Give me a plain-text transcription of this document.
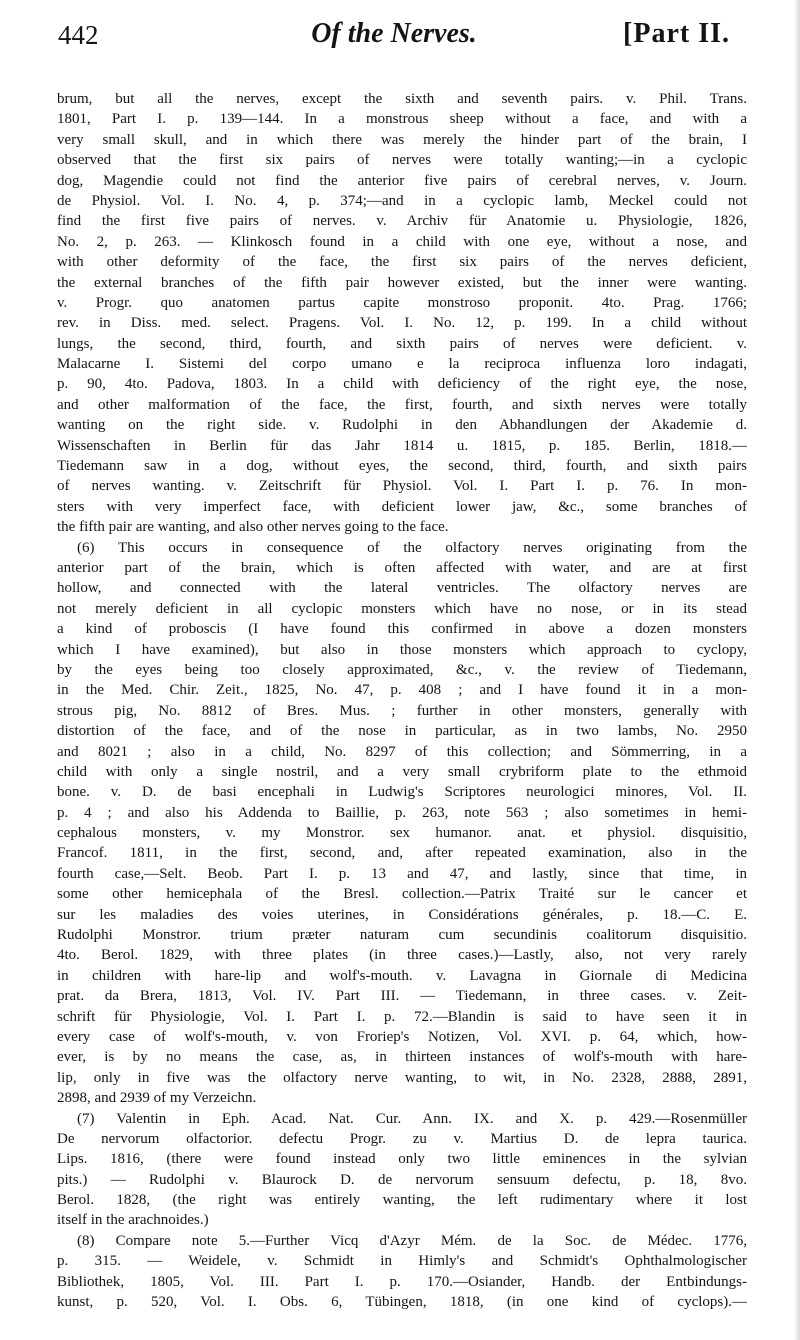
442	Of the Nerves.	[Part II.
brum, but all the nerves, except the sixth and seventh pairs. v. Phil. Trans.
1801, Part I. p. 139—144. In a monstrous sheep without a face, and with a
very small skull, and in which there was merely the hinder part of the brain, I
observed that the first six pairs of nerves were totally wanting;—in a cyclopic
dog, Magendie could not find the anterior five pairs of cerebral nerves, v. Journ.
de Physiol. Vol. I. No. 4, p. 374;—and in a cyclopic lamb, Meckel could not
find the first five pairs of nerves. v. Archiv für Anatomie u. Physiologie, 1826,
No. 2, p. 263. — Klinkosch found in a child with one eye, without a nose, and
with other deformity of the face, the first six pairs of the nerves deficient,
the external branches of the fifth pair however existed, but the inner were wanting.
v. Progr. quo anatomen partus capite monstroso proponit. 4to. Prag. 1766;
rev. in Diss. med. select. Pragens. Vol. I. No. 12, p. 199. In a child without
lungs, the second, third, fourth, and sixth pairs of nerves were deficient. v.
Malacarne I. Sistemi del corpo umano e la reciproca influenza loro indagati,
p. 90, 4to. Padova, 1803. In a child with deficiency of the right eye, the nose,
and other malformation of the face, the first, fourth, and sixth nerves were totally
wanting on the right side. v. Rudolphi in den Abhandlungen der Akademie d.
Wissenschaften in Berlin für das Jahr 1814 u. 1815, p. 185. Berlin, 1818.—
Tiedemann saw in a dog, without eyes, the second, third, fourth, and sixth pairs
of nerves wanting. v. Zeitschrift für Physiol. Vol. I. Part I. p. 76. In mon-
sters with very imperfect face, with deficient lower jaw, &c., some branches of
the fifth pair are wanting, and also other nerves going to the face.
(6) This occurs in consequence of the olfactory nerves originating from the
anterior part of the brain, which is often affected with water, and are at first
hollow, and connected with the lateral ventricles. The olfactory nerves are
not merely deficient in all cyclopic monsters which have no nose, or in its stead
a kind of proboscis (I have found this confirmed in above a dozen monsters
which I have examined), but also in those monsters which approach to cyclopy,
by the eyes being too closely approximated, &c., v. the review of Tiedemann,
in the Med. Chir. Zeit., 1825, No. 47, p. 408 ; and I have found it in a mon-
strous pig, No. 8812 of Bres. Mus. ; further in other monsters, generally with
distortion of the face, and of the nose in particular, as in two lambs, No. 2950
and 8021 ; also in a child, No. 8297 of this collection; and Sömmerring, in a
child with only a single nostril, and a very small crybriform plate to the ethmoid
bone. v. D. de basi encephali in Ludwig's Scriptores neurologici minores, Vol. II.
p. 4 ; and also his Addenda to Baillie, p. 263, note 563 ; also sometimes in hemi-
cephalous monsters, v. my Monstror. sex humanor. anat. et physiol. disquisitio,
Francof. 1811, in the first, second, and, after repeated examination, also in the
fourth case,—Selt. Beob. Part I. p. 13 and 47, and lastly, since that time, in
some other hemicephala of the Bresl. collection.—Patrix Traité sur le cancer et
sur les maladies des voies uterines, in Considérations générales, p. 18.—C. E.
Rudolphi Monstror. trium præter naturam cum secundinis coalitorum disquisitio.
4to. Berol. 1829, with three plates (in three cases.)—Lastly, also, not very rarely
in children with hare-lip and wolf's-mouth. v. Lavagna in Giornale di Medicina
prat. da Brera, 1813, Vol. IV. Part III. — Tiedemann, in three cases. v. Zeit-
schrift für Physiologie, Vol. I. Part I. p. 72.—Blandin is said to have seen it in
every case of wolf's-mouth, v. von Froriep's Notizen, Vol. XVI. p. 64, which, how-
ever, is by no means the case, as, in thirteen instances of wolf's-mouth with hare-
lip, only in five was the olfactory nerve wanting, to wit, in No. 2328, 2888, 2891,
2898, and 2939 of my Verzeichn.
(7) Valentin in Eph. Acad. Nat. Cur. Ann. IX. and X. p. 429.—Rosenmüller
De nervorum olfactorior. defectu Progr. zu v. Martius D. de lepra taurica.
Lips. 1816, (there were found instead only two little eminences in the sylvian
pits.) — Rudolphi v. Blaurock D. de nervorum sensuum defectu, p. 18, 8vo.
Berol. 1828, (the right was entirely wanting, the left rudimentary where it lost
itself in the arachnoides.)
(8) Compare note 5.—Further Vicq d'Azyr Mém. de la Soc. de Médec. 1776,
p. 315. — Weidele, v. Schmidt in Himly's and Schmidt's Ophthalmologischer
Bibliothek, 1805, Vol. III. Part I. p. 170.—Osiander, Handb. der Entbindungs-
kunst, p. 520, Vol. I. Obs. 6, Tübingen, 1818, (in one kind of cyclops).—
